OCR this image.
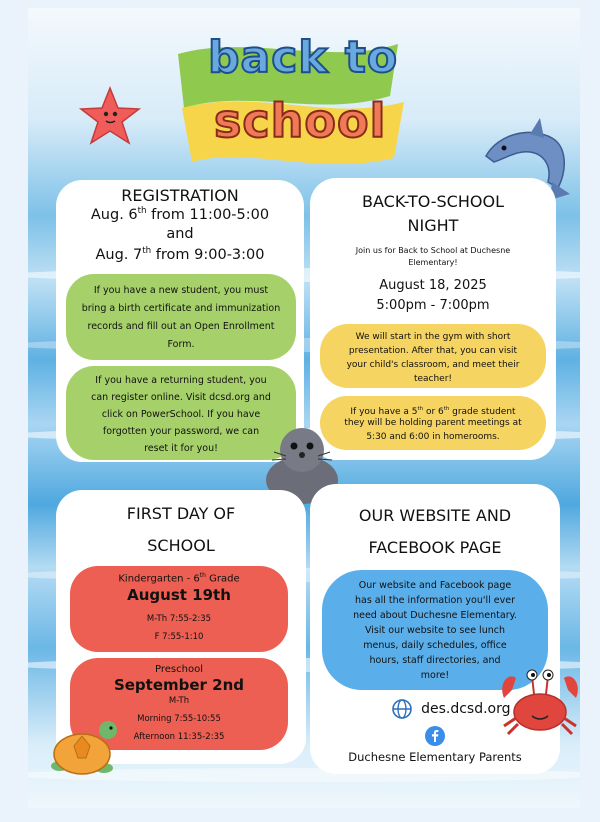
back to
school
REGISTRATION
Aug. 6th from 11:00-5:00
and
Aug. 7th from 9:00-3:00
If you have a new student, you must
bring a birth certificate and immunization
records and fill out an Open Enrollment
Form.
If you have a returning student, you
can register online. Visit dcsd.org and
click on PowerSchool. If you have
forgotten your password, we can
reset it for you!
BACK-TO-SCHOOL
NIGHT
Join us for Back to School at Duchesne
Elementary!
August 18, 2025
5:00pm - 7:00pm
We will start in the gym with short
presentation. After that, you can visit
your child's classroom, and meet their
teacher!
If you have a 5th or 6th grade student
they will be holding parent meetings at
5:30 and 6:00 in homerooms.
FIRST DAY OF
SCHOOL
Kindergarten - 6th Grade
August 19th
M-Th 7:55-2:35
F 7:55-1:10
Preschool
September 2nd
M-Th
Morning 7:55-10:55
Afternoon 11:35-2:35
OUR WEBSITE AND
FACEBOOK PAGE
Our website and Facebook page
has all the information you'll ever
need about Duchesne Elementary.
Visit our website to see lunch
menus, daily schedules, office
hours, staff directories, and
more!
des.dcsd.org
Duchesne Elementary Parents
